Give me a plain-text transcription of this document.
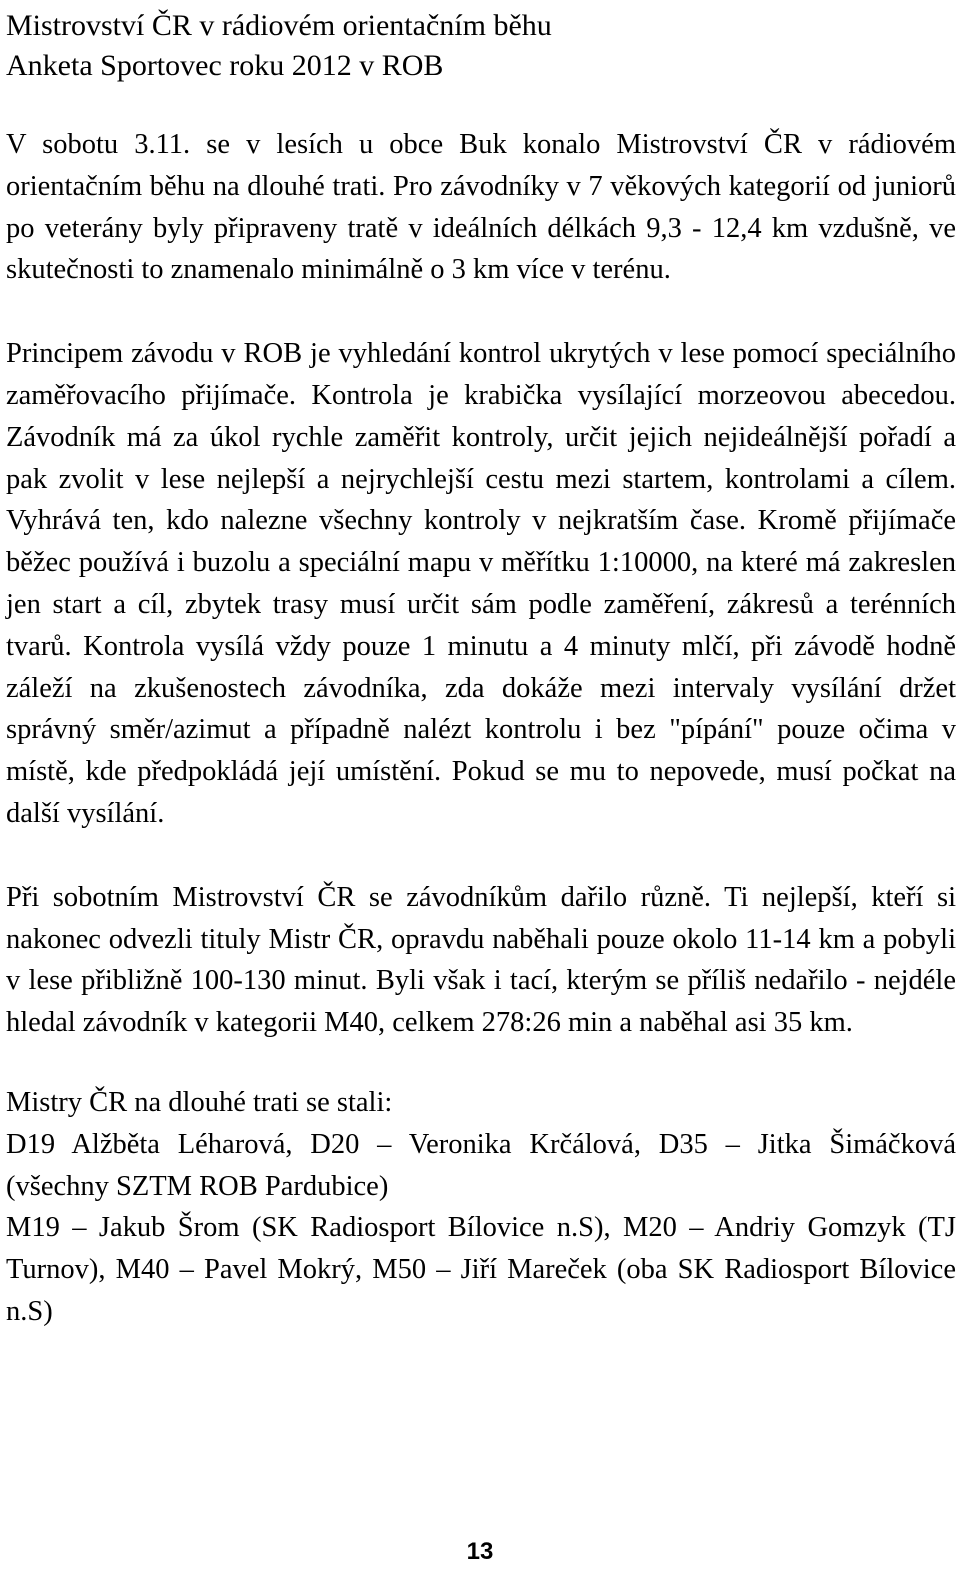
Mistrovství ČR v rádiovém orientačním běhu
Anketa Sportovec roku 2012 v ROB

V sobotu 3.11. se v lesích u obce Buk konalo Mistrovství ČR v rádiovém orientačním běhu na dlouhé trati. Pro závodníky v 7 věkových kategorií od juniorů po veterány byly připraveny tratě v ideálních délkách 9,3 - 12,4 km vzdušně, ve skutečnosti to znamenalo minimálně o 3 km více v terénu.

Principem závodu v ROB je vyhledání kontrol ukrytých v lese pomocí speciálního zaměřovacího přijímače. Kontrola je krabička vysílající morzeovou abecedou. Závodník má za úkol rychle zaměřit kontroly, určit jejich nejideálnější pořadí a pak zvolit v lese nejlepší a nejrychlejší cestu mezi startem, kontrolami a cílem. Vyhrává ten, kdo nalezne všechny kontroly v nejkratším čase. Kromě přijímače běžec používá i buzolu a speciální mapu v měřítku 1:10000, na které má zakreslen jen start a cíl, zbytek trasy musí určit sám podle zaměření, zákresů a terénních tvarů. Kontrola vysílá vždy pouze 1 minutu a 4 minuty mlčí, při závodě hodně záleží na zkušenostech závodníka, zda dokáže mezi intervaly vysílání držet správný směr/azimut a případně nalézt kontrolu i bez "pípání" pouze očima v místě, kde předpokládá její umístění. Pokud se mu to nepovede, musí počkat na další vysílání.

Při sobotním Mistrovství ČR se závodníkům dařilo různě. Ti nejlepší, kteří si nakonec odvezli tituly Mistr ČR, opravdu naběhali pouze okolo 11-14 km a pobyli v lese přibližně 100-130 minut. Byli však i tací, kterým se příliš nedařilo - nejdéle hledal závodník v kategorii M40, celkem 278:26 min a naběhal asi 35 km.

Mistry ČR na dlouhé trati se stali:

D19 Alžběta Léharová, D20 – Veronika Krčálová, D35 – Jitka Šimáčková (všechny SZTM ROB Pardubice)

M19 – Jakub Šrom (SK Radiosport Bílovice n.S), M20 – Andriy Gomzyk (TJ Turnov), M40 – Pavel Mokrý, M50 – Jiří Mareček (oba SK Radiosport Bílovice n.S)

13
